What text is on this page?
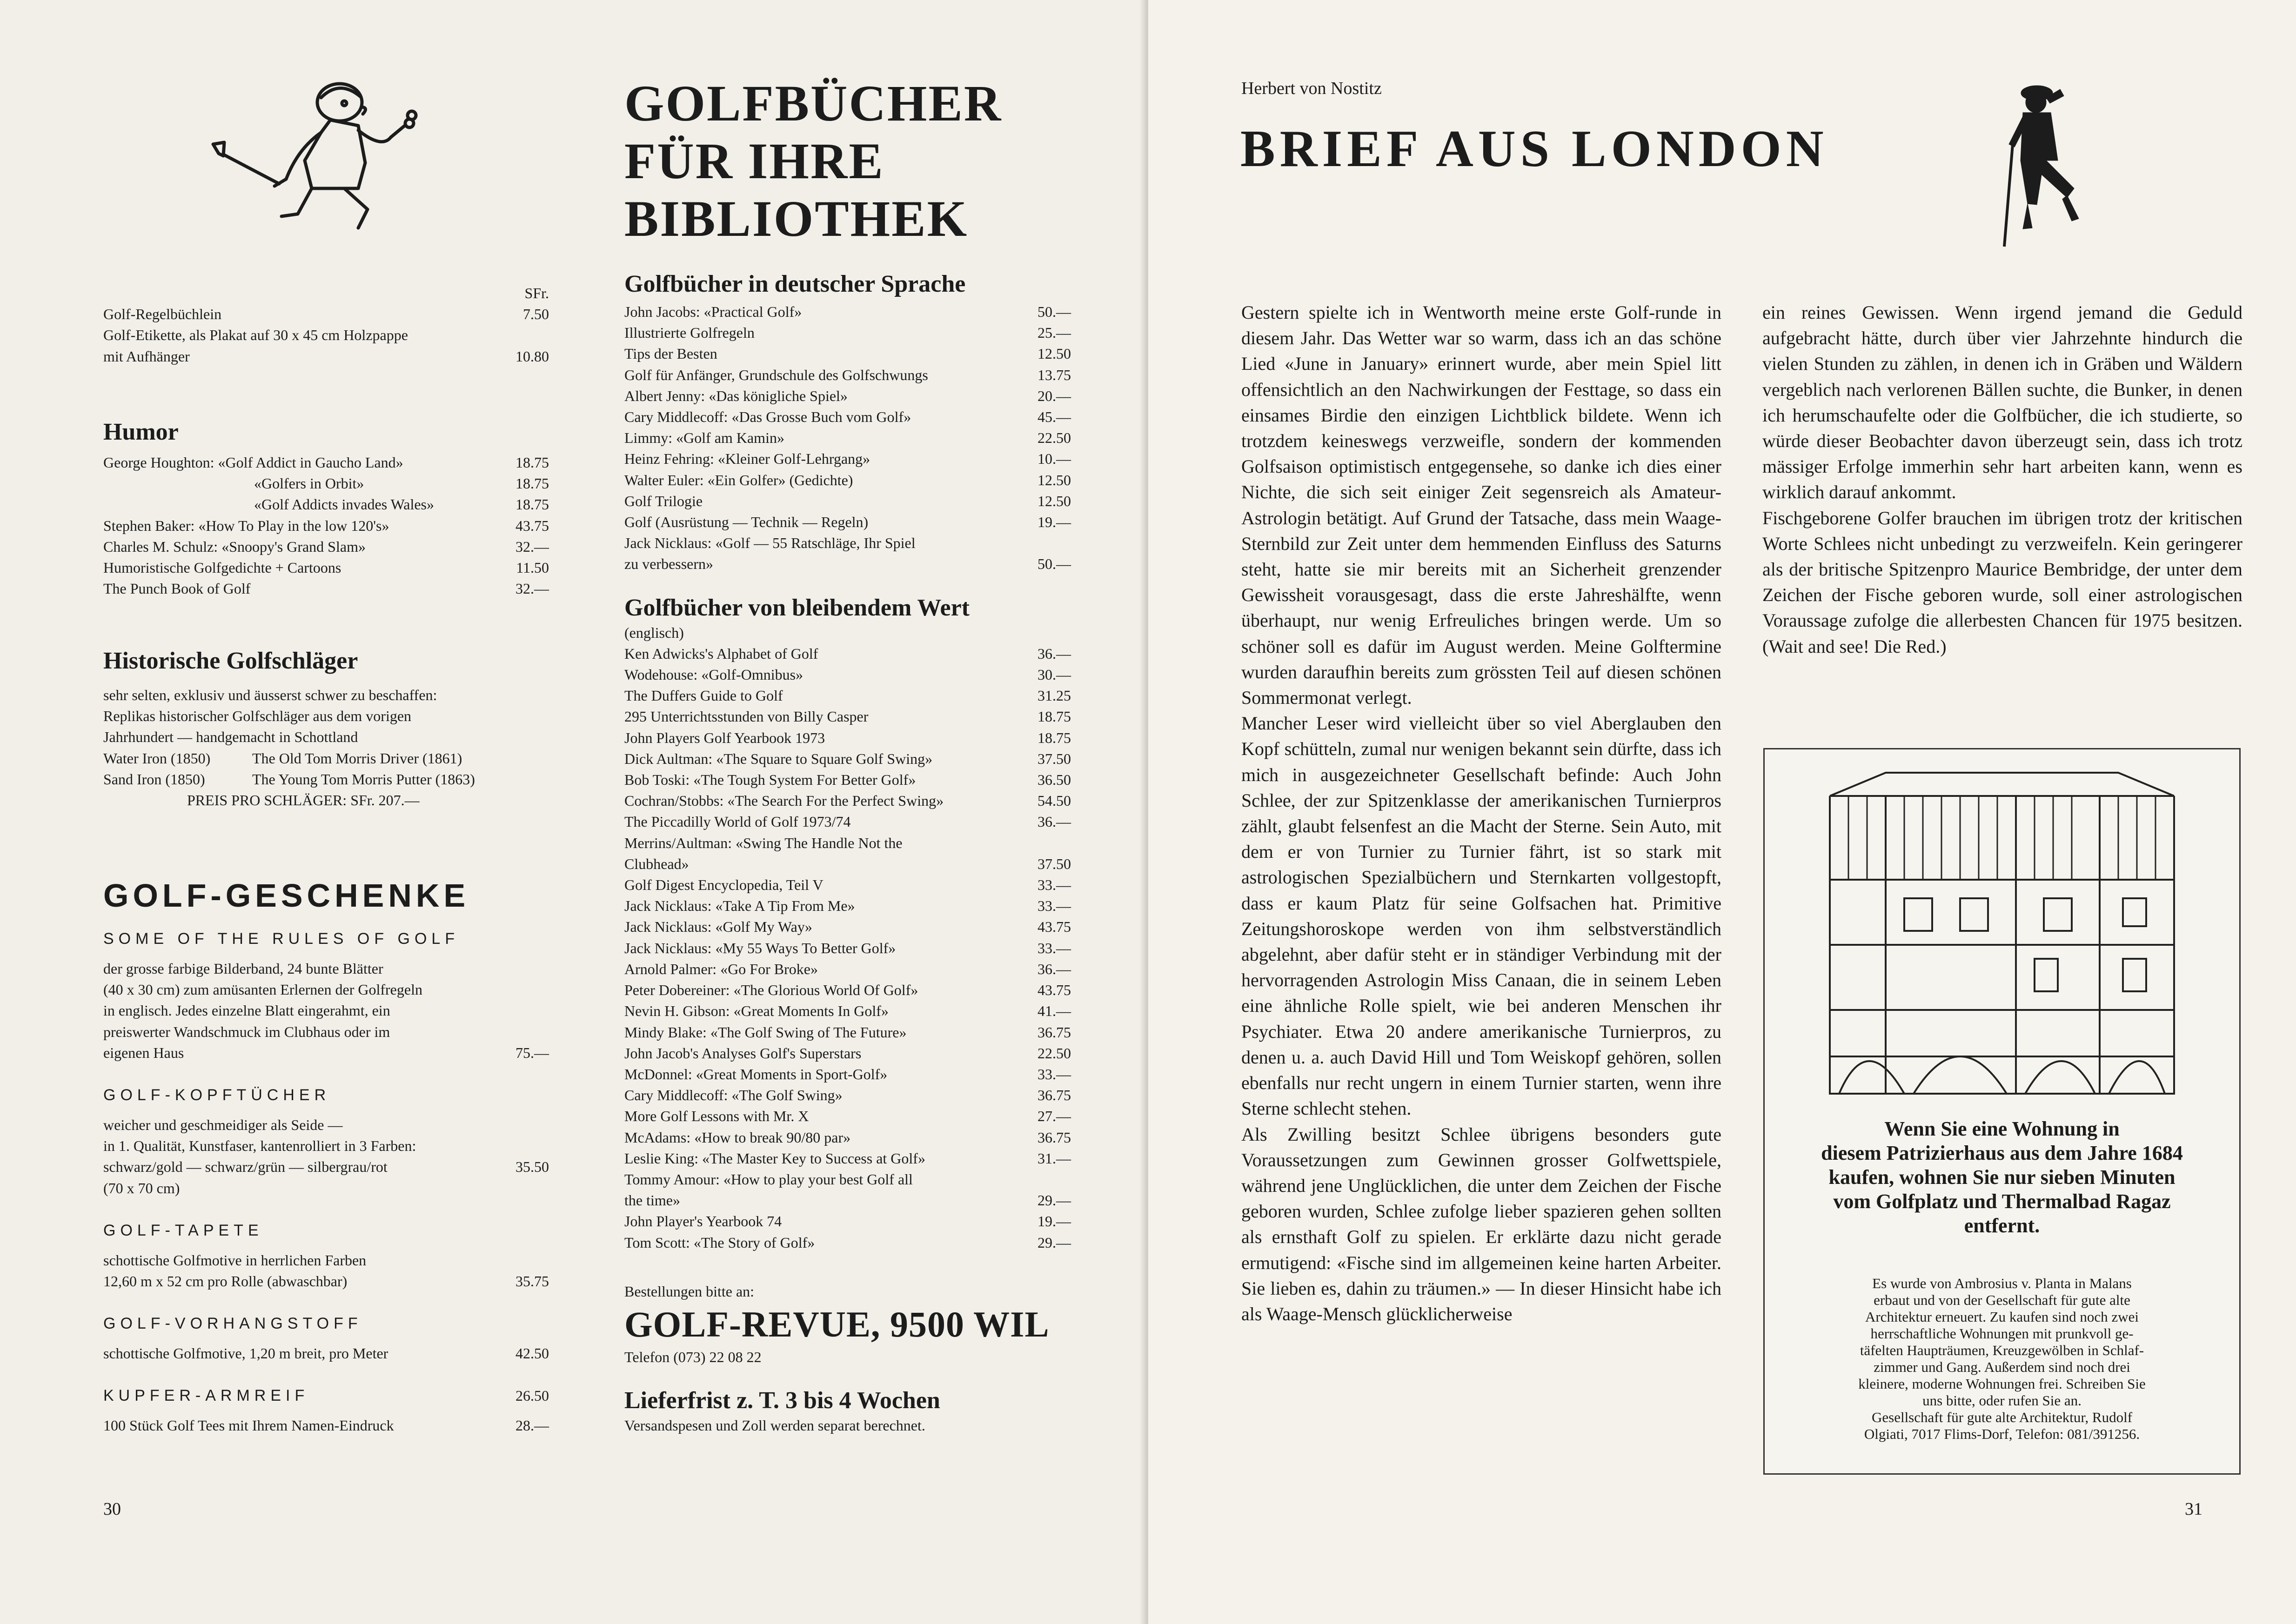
SFr.
Golf-Regelbüchlein	7.50
Golf-Etikette, als Plakat auf 30 x 45 cm Holzpappe
mit Aufhänger	10.80
Humor
George Houghton: «Golf Addict in Gaucho Land»	18.75
«Golfers in Orbit»	18.75
«Golf Addicts invades Wales»	18.75
Stephen Baker: «How To Play in the low 120's»	43.75
Charles M. Schulz: «Snoopy's Grand Slam»	32.—
Humoristische Golfgedichte + Cartoons	11.50
The Punch Book of Golf	32.—
Historische Golfschläger
sehr selten, exklusiv und äusserst schwer zu beschaffen:
Replikas historischer Golfschläger aus dem vorigen
Jahrhundert — handgemacht in Schottland
Water Iron (1850)	The Old Tom Morris Driver (1861)
Sand Iron (1850)	The Young Tom Morris Putter (1863)
PREIS PRO SCHLÄGER: SFr. 207.—
GOLF-GESCHENKE
SOME OF THE RULES OF GOLF
der grosse farbige Bilderband, 24 bunte Blätter
(40 x 30 cm) zum amüsanten Erlernen der Golfregeln
in englisch. Jedes einzelne Blatt eingerahmt, ein
preiswerter Wandschmuck im Clubhaus oder im
eigenen Haus	75.—
GOLF-KOPFTÜCHER
weicher und geschmeidiger als Seide —
in 1. Qualität, Kunstfaser, kantenrolliert in 3 Farben:
schwarz/gold — schwarz/grün — silbergrau/rot	35.50
(70 x 70 cm)
GOLF-TAPETE
schottische Golfmotive in herrlichen Farben
12,60 m x 52 cm pro Rolle (abwaschbar)	35.75
GOLF-VORHANGSTOFF
schottische Golfmotive, 1,20 m breit, pro Meter	42.50
KUPFER-ARMREIF	26.50
100 Stück Golf Tees mit Ihrem Namen-Eindruck	28.—
GOLFBÜCHER
FÜR IHRE
BIBLIOTHEK
Golfbücher in deutscher Sprache
John Jacobs: «Practical Golf»	50.—
Illustrierte Golfregeln	25.—
Tips der Besten	12.50
Golf für Anfänger, Grundschule des Golfschwungs	13.75
Albert Jenny: «Das königliche Spiel»	20.—
Cary Middlecoff: «Das Grosse Buch vom Golf»	45.—
Limmy: «Golf am Kamin»	22.50
Heinz Fehring: «Kleiner Golf-Lehrgang»	10.—
Walter Euler: «Ein Golfer» (Gedichte)	12.50
Golf Trilogie	12.50
Golf (Ausrüstung — Technik — Regeln)	19.—
Jack Nicklaus: «Golf — 55 Ratschläge, Ihr Spiel
zu verbessern»	50.—
Golfbücher von bleibendem Wert
(englisch)
Ken Adwicks's Alphabet of Golf	36.—
Wodehouse: «Golf-Omnibus»	30.—
The Duffers Guide to Golf	31.25
295 Unterrichtsstunden von Billy Casper	18.75
John Players Golf Yearbook 1973	18.75
Dick Aultman: «The Square to Square Golf Swing»	37.50
Bob Toski: «The Tough System For Better Golf»	36.50
Cochran/Stobbs: «The Search For the Perfect Swing»	54.50
The Piccadilly World of Golf 1973/74	36.—
Merrins/Aultman: «Swing The Handle Not the
Clubhead»	37.50
Golf Digest Encyclopedia, Teil V	33.—
Jack Nicklaus: «Take A Tip From Me»	33.—
Jack Nicklaus: «Golf My Way»	43.75
Jack Nicklaus: «My 55 Ways To Better Golf»	33.—
Arnold Palmer: «Go For Broke»	36.—
Peter Dobereiner: «The Glorious World Of Golf»	43.75
Nevin H. Gibson: «Great Moments In Golf»	41.—
Mindy Blake: «The Golf Swing of The Future»	36.75
John Jacob's Analyses Golf's Superstars	22.50
McDonnel: «Great Moments in Sport-Golf»	33.—
Cary Middlecoff: «The Golf Swing»	36.75
More Golf Lessons with Mr. X	27.—
McAdams: «How to break 90/80 par»	36.75
Leslie King: «The Master Key to Success at Golf»	31.—
Tommy Amour: «How to play your best Golf all
the time»	29.—
John Player's Yearbook 74	19.—
Tom Scott: «The Story of Golf»	29.—
Bestellungen bitte an:
GOLF-REVUE, 9500 WIL
Telefon (073) 22 08 22
Lieferfrist z. T. 3 bis 4 Wochen
Versandspesen und Zoll werden separat berechnet.
30
Herbert von Nostitz
BRIEF AUS LONDON

Gestern spielte ich in Wentworth meine erste Golf-runde in diesem Jahr. Das Wetter war so warm, dass ich an das schöne Lied «June in January» erinnert wurde, aber mein Spiel litt offensichtlich an den Nachwirkungen der Festtage, so dass ein einsames Birdie den einzigen Lichtblick bildete. Wenn ich trotzdem keineswegs verzweifle, sondern der kommenden Golfsaison optimistisch entgegensehe, so danke ich dies einer Nichte, die sich seit einiger Zeit segensreich als Amateur-Astrologin betätigt. Auf Grund der Tatsache, dass mein Waage-Sternbild zur Zeit unter dem hemmenden Einfluss des Saturns steht, hatte sie mir bereits mit an Sicherheit grenzender Gewissheit vorausgesagt, dass die erste Jahreshälfte, wenn überhaupt, nur wenig Erfreuliches bringen werde. Um so schöner soll es dafür im August werden. Meine Golftermine wurden daraufhin bereits zum grössten Teil auf diesen schönen Sommermonat verlegt.

Mancher Leser wird vielleicht über so viel Aberglauben den Kopf schütteln, zumal nur wenigen bekannt sein dürfte, dass ich mich in ausgezeichneter Gesellschaft befinde: Auch John Schlee, der zur Spitzenklasse der amerikanischen Turnierpros zählt, glaubt felsenfest an die Macht der Sterne. Sein Auto, mit dem er von Turnier zu Turnier fährt, ist so stark mit astrologischen Spezialbüchern und Sternkarten vollgestopft, dass er kaum Platz für seine Golfsachen hat. Primitive Zeitungshoroskope werden von ihm selbstverständlich abgelehnt, aber dafür steht er in ständiger Verbindung mit der hervorragenden Astrologin Miss Canaan, die in seinem Leben eine ähnliche Rolle spielt, wie bei anderen Menschen ihr Psychiater. Etwa 20 andere amerikanische Turnierpros, zu denen u. a. auch David Hill und Tom Weiskopf gehören, sollen ebenfalls nur recht ungern in einem Turnier starten, wenn ihre Sterne schlecht stehen.

Als Zwilling besitzt Schlee übrigens besonders gute Voraussetzungen zum Gewinnen grosser Golfwettspiele, während jene Unglücklichen, die unter dem Zeichen der Fische geboren wurden, Schlee zufolge lieber spazieren gehen sollten als ernsthaft Golf zu spielen. Er erklärte dazu nicht gerade ermutigend: «Fische sind im allgemeinen keine harten Arbeiter. Sie lieben es, dahin zu träumen.» — In dieser Hinsicht habe ich als Waage-Mensch glücklicherweise

ein reines Gewissen. Wenn irgend jemand die Geduld aufgebracht hätte, durch über vier Jahrzehnte hindurch die vielen Stunden zu zählen, in denen ich in Gräben und Wäldern vergeblich nach verlorenen Bällen suchte, die Bunker, in denen ich herumschaufelte oder die Golfbücher, die ich studierte, so würde dieser Beobachter davon überzeugt sein, dass ich trotz mässiger Erfolge immerhin sehr hart arbeiten kann, wenn es wirklich darauf ankommt.

Fischgeborene Golfer brauchen im übrigen trotz der kritischen Worte Schlees nicht unbedingt zu verzweifeln. Kein geringerer als der britische Spitzenpro Maurice Bembridge, der unter dem Zeichen der Fische geboren wurde, soll einer astrologischen Voraussage zufolge die allerbesten Chancen für 1975 besitzen. (Wait and see! Die Red.)

Wenn Sie eine Wohnung in
diesem Patrizierhaus aus dem Jahre 1684
kaufen, wohnen Sie nur sieben Minuten
vom Golfplatz und Thermalbad Ragaz
entfernt.
Es wurde von Ambrosius v. Planta in Malans
erbaut und von der Gesellschaft für gute alte
Architektur erneuert. Zu kaufen sind noch zwei
herrschaftliche Wohnungen mit prunkvoll ge-
täfelten Haupträumen, Kreuzgewölben in Schlaf-
zimmer und Gang. Außerdem sind noch drei
kleinere, moderne Wohnungen frei. Schreiben Sie
uns bitte, oder rufen Sie an.
Gesellschaft für gute alte Architektur, Rudolf
Olgiati, 7017 Flims-Dorf, Telefon: 081/391256.
31
